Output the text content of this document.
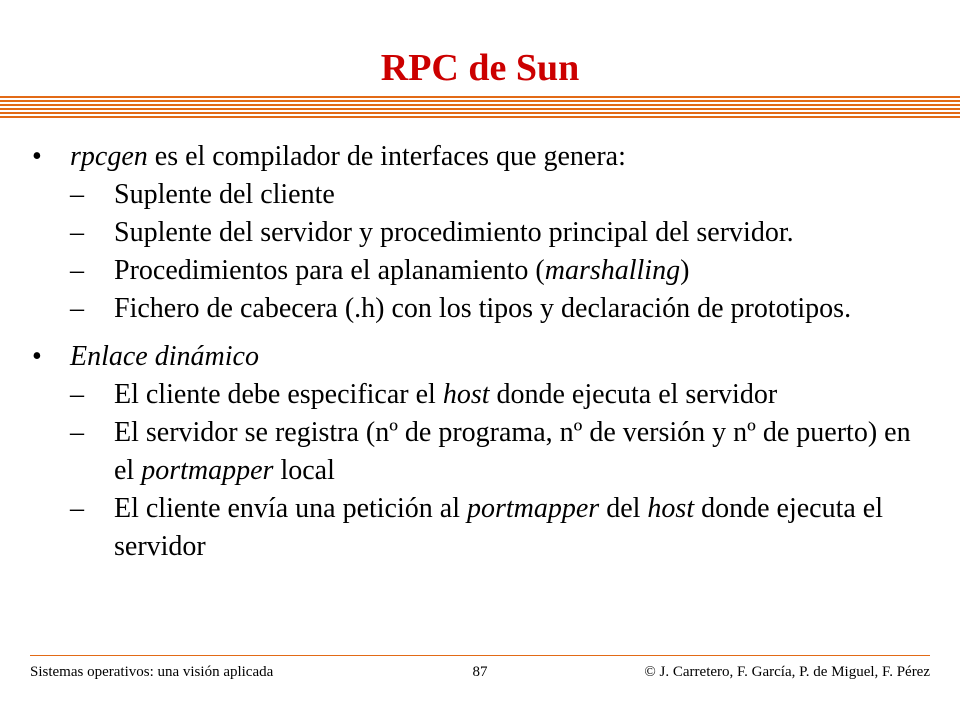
RPC de Sun
• rpcgen es el compilador de interfaces que genera:
– Suplente del cliente
– Suplente del servidor y procedimiento principal del servidor.
– Procedimientos para el aplanamiento (marshalling)
– Fichero de cabecera (.h) con los tipos y declaración de prototipos.
• Enlace dinámico
– El cliente debe especificar el host donde ejecuta el servidor
– El servidor se registra (nº de programa, nº de versión y nº de puerto) en el portmapper local
– El cliente envía una petición al portmapper del host donde ejecuta el servidor
Sistemas operativos: una visión aplicada	87	© J. Carretero, F. García, P. de Miguel, F. Pérez
